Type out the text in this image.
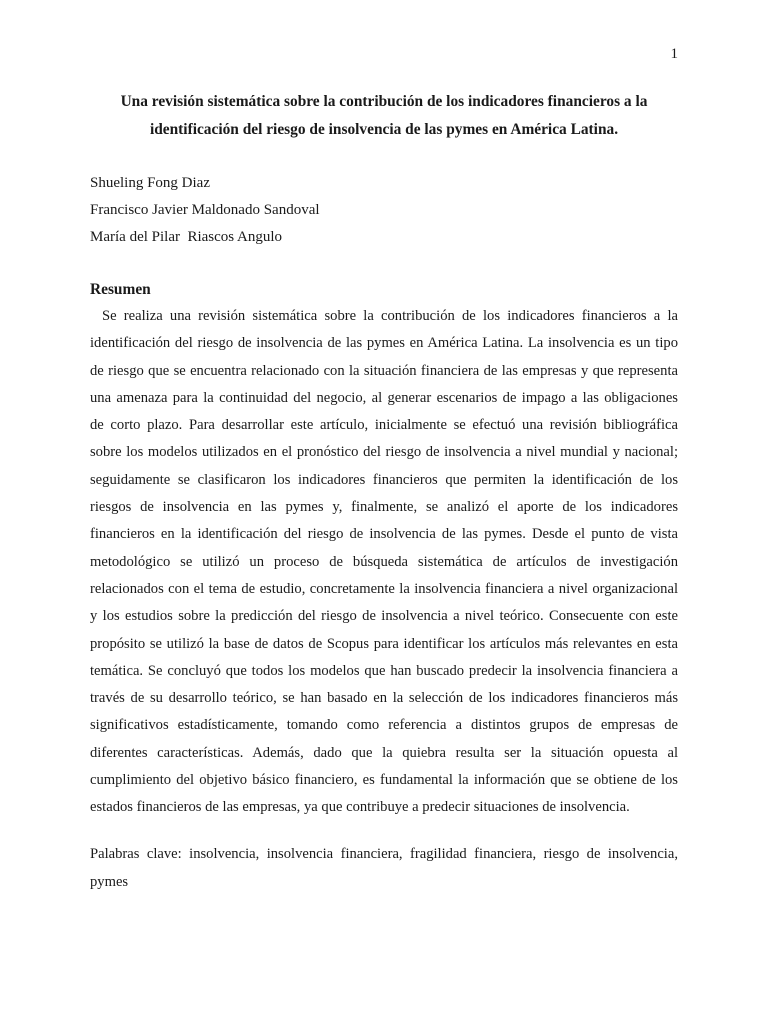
1
Una revisión sistemática sobre la contribución de los indicadores financieros a la
identificación del riesgo de insolvencia de las pymes en América Latina.
Shueling Fong Diaz
Francisco Javier Maldonado Sandoval
María del Pilar  Riascos Angulo
Resumen
Se realiza una revisión sistemática sobre la contribución de los indicadores financieros a la
identificación del riesgo de insolvencia de las pymes en América Latina. La insolvencia es un tipo
de riesgo que se encuentra relacionado con la situación financiera de las empresas y que representa
una amenaza para la continuidad del negocio, al generar escenarios de impago a las obligaciones
de corto plazo. Para desarrollar este artículo, inicialmente se efectuó una revisión bibliográfica
sobre los modelos utilizados en el pronóstico del riesgo de insolvencia a nivel mundial y nacional;
seguidamente se clasificaron los indicadores financieros que permiten la identificación de los
riesgos de insolvencia en las pymes y, finalmente, se analizó el aporte de los indicadores
financieros en la identificación del riesgo de insolvencia de las pymes. Desde el punto de vista
metodológico se utilizó un proceso de búsqueda sistemática de artículos de investigación
relacionados con el tema de estudio, concretamente la insolvencia financiera a nivel organizacional
y los estudios sobre la predicción del riesgo de insolvencia a nivel teórico. Consecuente con este
propósito se utilizó la base de datos de Scopus para identificar los artículos más relevantes en esta
temática. Se concluyó que todos los modelos que han buscado predecir la insolvencia financiera a
través de su desarrollo teórico, se han basado en la selección de los indicadores financieros más
significativos estadísticamente, tomando como referencia a distintos grupos de empresas de
diferentes características. Además, dado que la quiebra resulta ser la situación opuesta al
cumplimiento del objetivo básico financiero, es fundamental la información que se obtiene de los
estados financieros de las empresas, ya que contribuye a predecir situaciones de insolvencia.
Palabras clave: insolvencia, insolvencia financiera, fragilidad financiera, riesgo de insolvencia,
pymes
